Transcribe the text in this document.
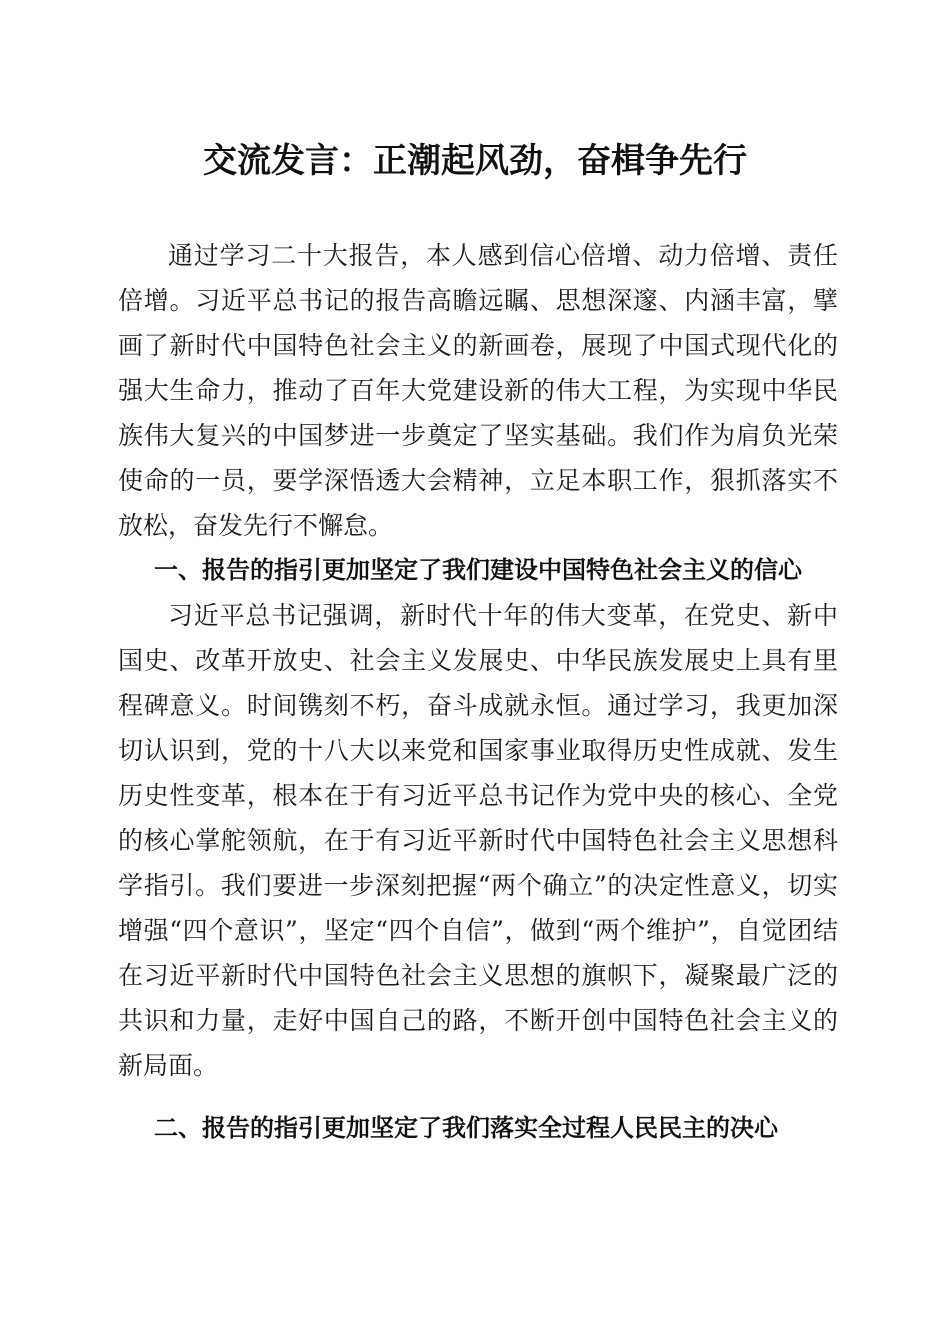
交流发言：正潮起风劲，奋楫争先行

通过学习二十大报告，本人感到信心倍增、动力倍增、责任倍增。习近平总书记的报告高瞻远瞩、思想深邃、内涵丰富，擘画了新时代中国特色社会主义的新画卷，展现了中国式现代化的强大生命力，推动了百年大党建设新的伟大工程，为实现中华民族伟大复兴的中国梦进一步奠定了坚实基础。我们作为肩负光荣使命的一员，要学深悟透大会精神，立足本职工作，狠抓落实不放松，奋发先行不懈怠。

一、报告的指引更加坚定了我们建设中国特色社会主义的信心

习近平总书记强调，新时代十年的伟大变革，在党史、新中国史、改革开放史、社会主义发展史、中华民族发展史上具有里程碑意义。时间镌刻不朽，奋斗成就永恒。通过学习，我更加深切认识到，党的十八大以来党和国家事业取得历史性成就、发生历史性变革，根本在于有习近平总书记作为党中央的核心、全党的核心掌舵领航，在于有习近平新时代中国特色社会主义思想科学指引。我们要进一步深刻把握“两个确立”的决定性意义，切实增强“四个意识”，坚定“四个自信”，做到“两个维护”，自觉团结在习近平新时代中国特色社会主义思想的旗帜下，凝聚最广泛的共识和力量，走好中国自己的路，不断开创中国特色社会主义的新局面。

二、报告的指引更加坚定了我们落实全过程人民民主的决心
